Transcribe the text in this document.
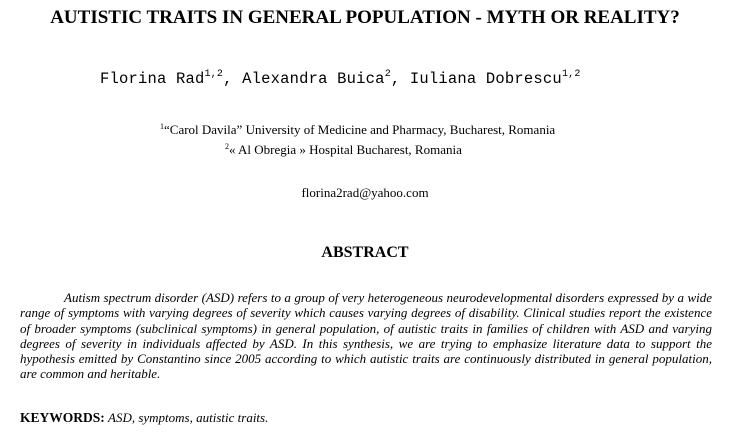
AUTISTIC TRAITS IN GENERAL POPULATION - MYTH OR REALITY?

Florina Rad$^{1,2}$, Alexandra Buica$^2$, Iuliana Dobrescu$^{1,2}$

$^1$“Carol Davila” University of Medicine and Pharmacy, Bucharest, Romania

$^2$« Al Obregia » Hospital Bucharest, Romania

florina2rad@yahoo.com
ABSTRACT

Autism spectrum disorder (ASD) refers to a group of very heterogeneous neurodevelopmental disorders expressed by a wide range of symptoms with varying degrees of severity which causes varying degrees of disability. Clinical studies report the existence of broader symptoms (subclinical symptoms) in general population, of autistic traits in families of children with ASD and varying degrees of severity in individuals affected by ASD. In this synthesis, we are trying to emphasize literature data to support the hypothesis emitted by Constantino since 2005 according to which autistic traits are continuously distributed in general population, are common and heritable.

KEYWORDS: ASD, symptoms, autistic traits.
